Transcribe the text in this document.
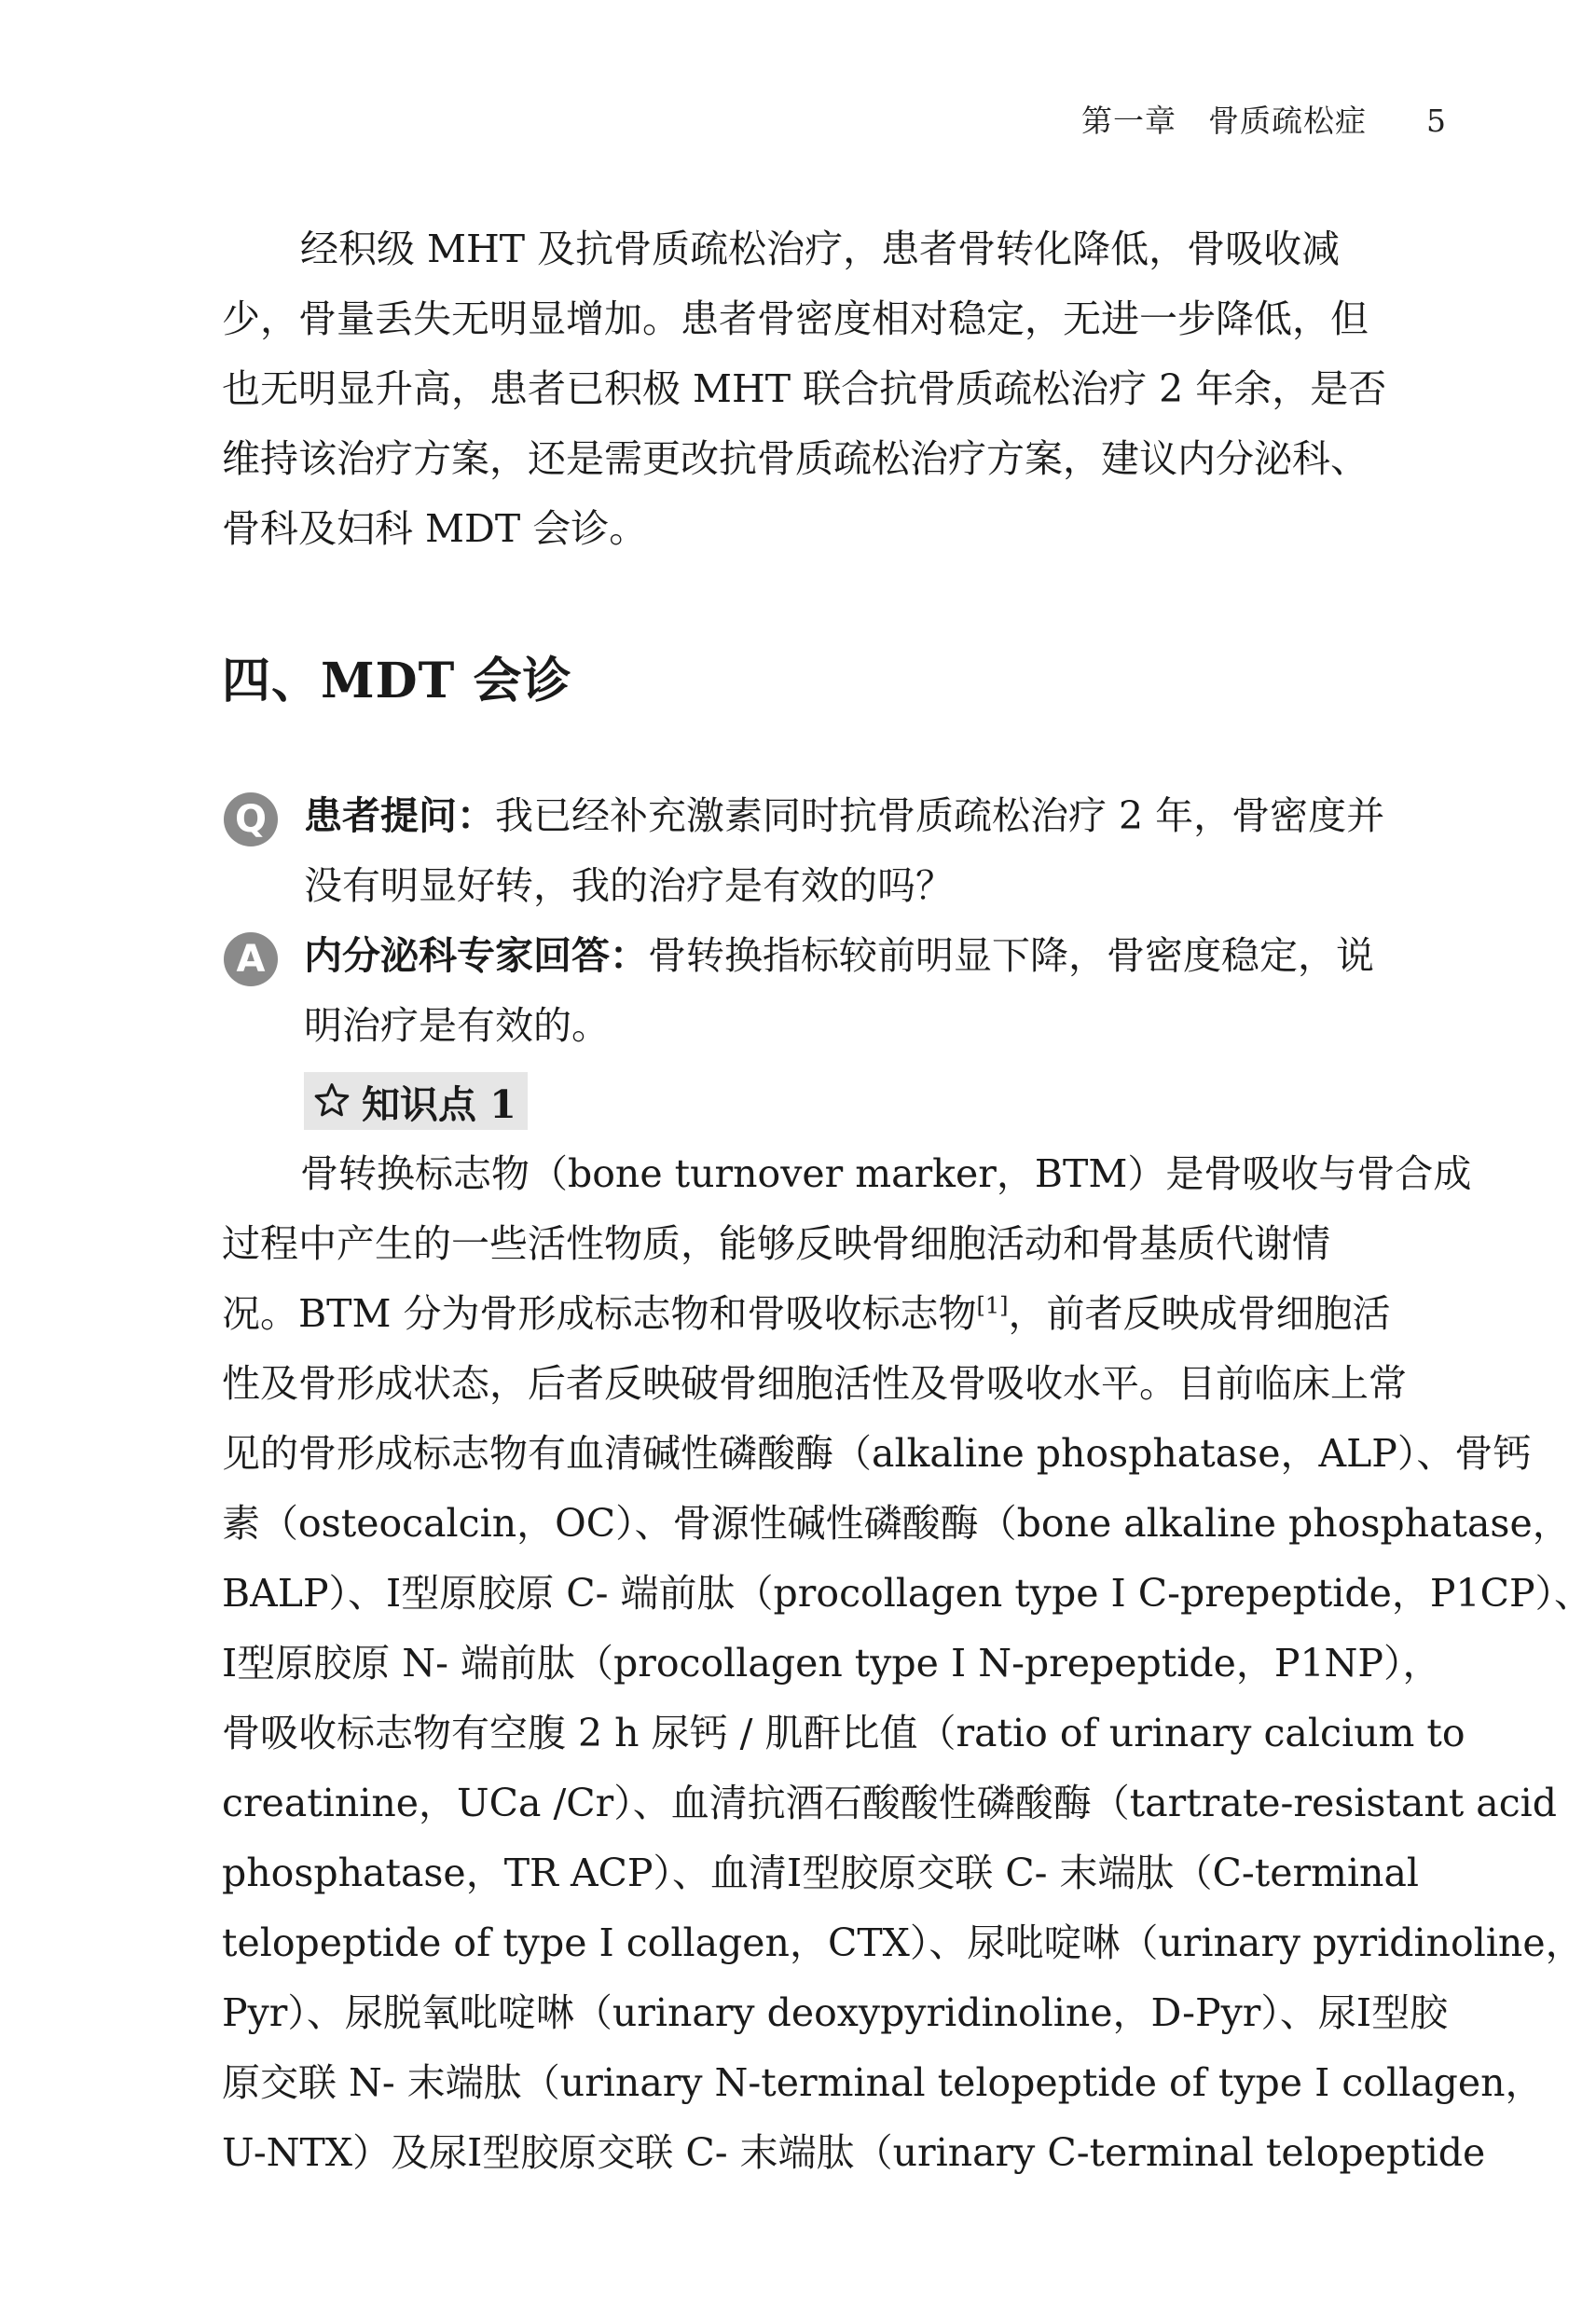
第一章　骨质疏松症 5

经积级 MHT 及抗骨质疏松治疗，患者骨转化降低，骨吸收减
少，骨量丢失无明显增加。患者骨密度相对稳定，无进一步降低，但
也无明显升高，患者已积极 MHT 联合抗骨质疏松治疗 2 年余，是否
维持该治疗方案，还是需更改抗骨质疏松治疗方案，建议内分泌科、
骨科及妇科 MDT 会诊。

四、MDT 会诊
Q 患者提问：我已经补充激素同时抗骨质疏松治疗 2 年，骨密度并
没有明显好转，我的治疗是有效的吗？
A	内分泌科专家回答：骨转换指标较前明显下降，骨密度稳定，说
明治疗是有效的。
知识点 1

骨转换标志物（bone turnover marker，BTM）是骨吸收与骨合成
过程中产生的一些活性物质，能够反映骨细胞活动和骨基质代谢情
况。BTM 分为骨形成标志物和骨吸收标志物[1]，前者反映成骨细胞活
性及骨形成状态，后者反映破骨细胞活性及骨吸收水平。目前临床上常
见的骨形成标志物有血清碱性磷酸酶（alkaline phosphatase，ALP）、骨钙
素（osteocalcin，OC）、骨源性碱性磷酸酶（bone alkaline phosphatase，
BALP）、Ⅰ型原胶原 C- 端前肽（procollagen type Ⅰ C-prepeptide，P1CP）、
Ⅰ型原胶原 N- 端前肽（procollagen type Ⅰ N-prepeptide，P1NP），
骨吸收标志物有空腹 2 h 尿钙 / 肌酐比值（ratio of urinary calcium to
creatinine，UCa /Cr）、血清抗酒石酸酸性磷酸酶（tartrate-resistant acid
phosphatase，TR ACP）、血清Ⅰ型胶原交联 C- 末端肽（C-terminal
telopeptide of type Ⅰ collagen，CTX）、尿吡啶啉（urinary pyridinoline，
Pyr）、尿脱氧吡啶啉（urinary deoxypyridinoline，D-Pyr）、尿Ⅰ型胶
原交联 N- 末端肽（urinary N-terminal telopeptide of type Ⅰ collagen，
U-NTX）及尿Ⅰ型胶原交联 C- 末端肽（urinary C-terminal telopeptide
